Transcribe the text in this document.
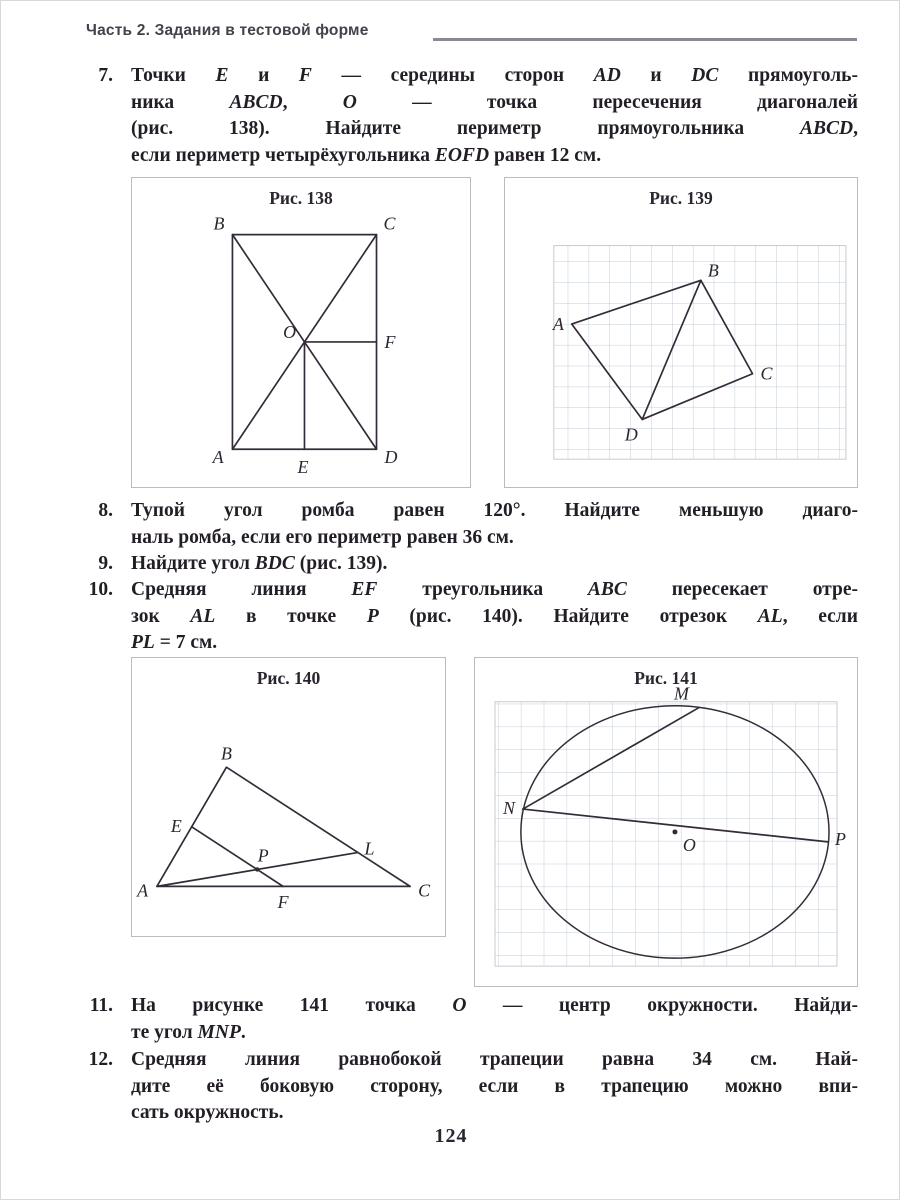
Часть 2. Задания в тестовой форме
7. Точки E и F — середины сторон AD и DC прямоуголь-
ника ABCD, O — точка пересечения диагоналей
(рис. 138). Найдите периметр прямоугольника ABCD,
если периметр четырёхугольника EOFD равен 12 см.
Рис. 138
B	C
O	F
A	E	D
Рис. 139
A
B
C
D
8. Тупой угол ромба равен 120°. Найдите меньшую диаго-
наль ромба, если его периметр равен 36 см.
9. Найдите угол BDC (рис. 139).
10. Средняя линия EF треугольника ABC пересекает отре-
зок AL в точке P (рис. 140). Найдите отрезок AL, если
PL = 7 см.
Рис. 140
B
E
A	C
F
L
P
Рис. 141
M
N
O	P
11. На рисунке 141 точка O — центр окружности. Найди-
те угол MNP.
12. Средняя линия равнобокой трапеции равна 34 см. Най-
дите её боковую сторону, если в трапецию можно впи-
сать окружность.
124
